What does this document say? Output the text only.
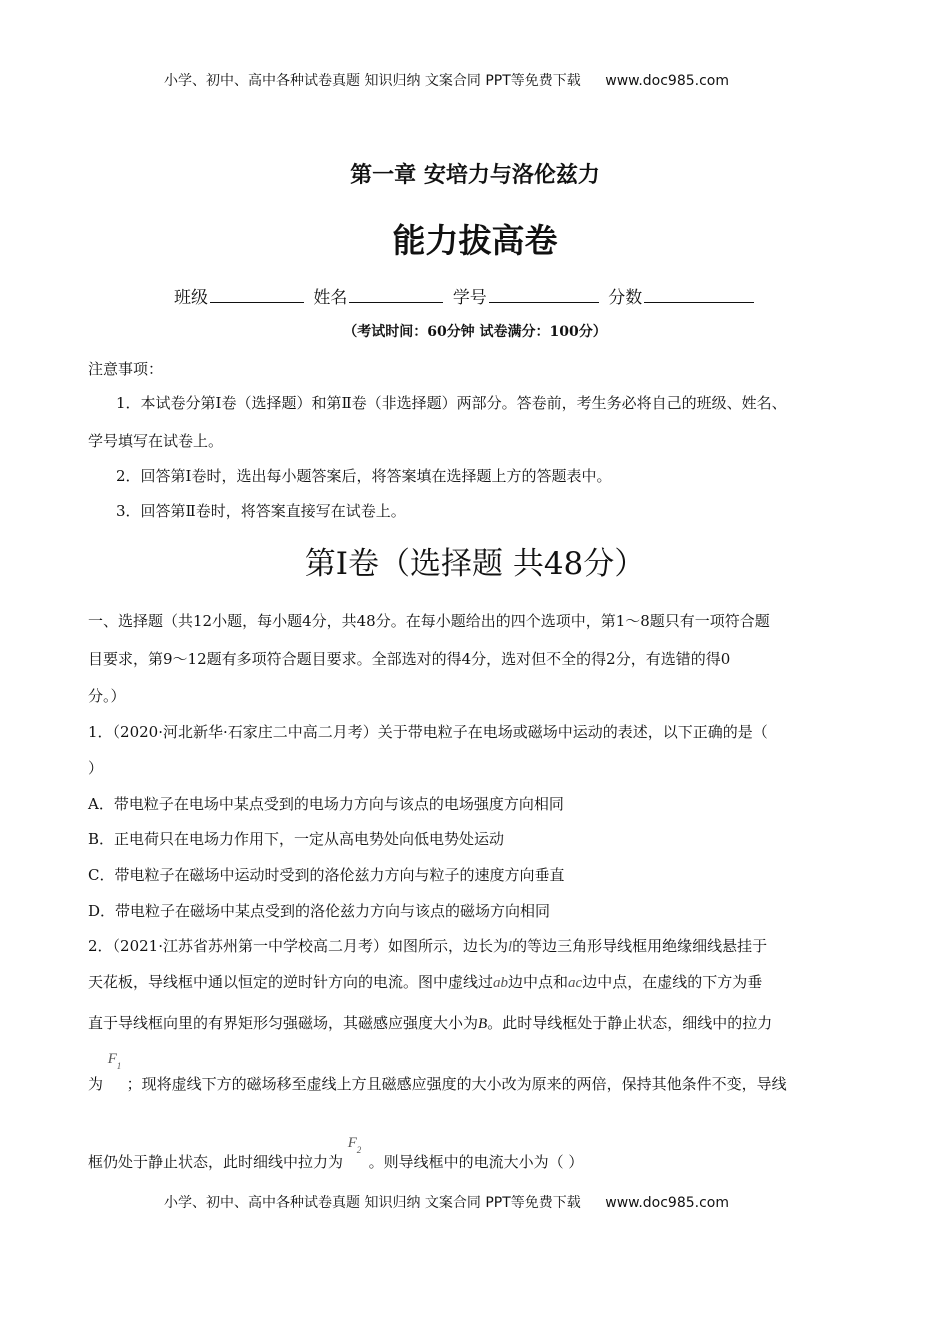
小学、初中、高中各种试卷真题 知识归纳 文案合同 PPT等免费下载 www.doc985.com
第一章 安培力与洛伦兹力
能力拔高卷
班级	姓名	学号	分数
（考试时间：60分钟 试卷满分：100分）
注意事项：
1．本试卷分第Ⅰ卷（选择题）和第Ⅱ卷（非选择题）两部分。答卷前，考生务必将自己的班级、姓名、
学号填写在试卷上。
2．回答第Ⅰ卷时，选出每小题答案后，将答案填在选择题上方的答题表中。
3．回答第Ⅱ卷时，将答案直接写在试卷上。
第Ⅰ卷（选择题 共48分）
一、选择题（共12小题，每小题4分，共48分。在每小题给出的四个选项中，第1～8题只有一项符合题
目要求，第9～12题有多项符合题目要求。全部选对的得4分，选对但不全的得2分，有选错的得0
分。）
1．（2020·河北新华·石家庄二中高二月考）关于带电粒子在电场或磁场中运动的表述，以下正确的是（
）
A．带电粒子在电场中某点受到的电场力方向与该点的电场强度方向相同
B．正电荷只在电场力作用下，一定从高电势处向低电势处运动
C．带电粒子在磁场中运动时受到的洛伦兹力方向与粒子的速度方向垂直
D．带电粒子在磁场中某点受到的洛伦兹力方向与该点的磁场方向相同
2．（2021·江苏省苏州第一中学校高二月考）如图所示，边长为l的等边三角形导线框用绝缘细线悬挂于
天花板，导线框中通以恒定的逆时针方向的电流。图中虚线过ab边中点和ac边中点，在虚线的下方为垂
直于导线框向里的有界矩形匀强磁场，其磁感应强度大小为B。此时导线框处于静止状态，细线中的拉力
为
F 1
；现将虚线下方的磁场移至虚线上方且磁感应强度的大小改为原来的两倍，保持其他条件不变，导线
框仍处于静止状态，此时细线中拉力为
F 2
。则导线框中的电流大小为（ ）
小学、初中、高中各种试卷真题 知识归纳 文案合同 PPT等免费下载 www.doc985.com
